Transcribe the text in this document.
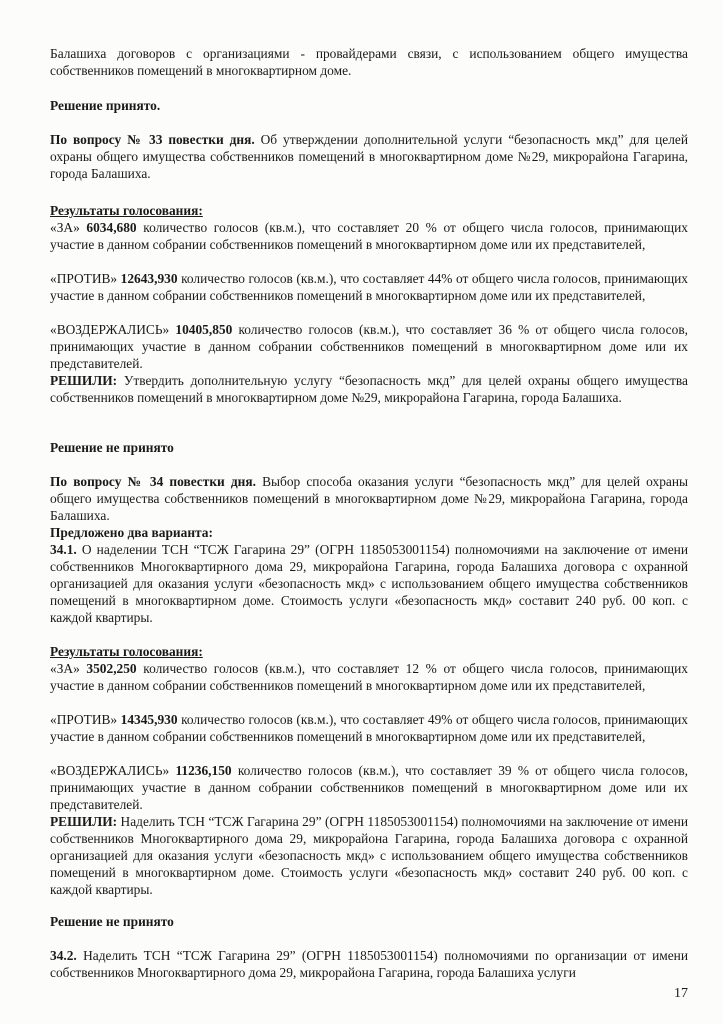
Балашиха договоров с организациями - провайдерами связи, с использованием общего имущества собственников помещений в многоквартирном доме.

Решение принято.

По вопросу № 33 повестки дня. Об утверждении дополнительной услуги “безопасность мкд” для целей охраны общего имущества собственников помещений в многоквартирном доме №29, микрорайона Гагарина, города Балашиха.

Результаты голосования:

«ЗА» 6034,680 количество голосов (кв.м.), что составляет 20 % от общего числа голосов, принимающих участие в данном собрании собственников помещений в многоквартирном доме или их представителей,

«ПРОТИВ» 12643,930 количество голосов (кв.м.), что составляет 44% от общего числа голосов, принимающих участие в данном собрании собственников помещений в многоквартирном доме или их представителей,

«ВОЗДЕРЖАЛИСЬ» 10405,850 количество голосов (кв.м.), что составляет 36 % от общего числа голосов, принимающих участие в данном собрании собственников помещений в многоквартирном доме или их представителей.

РЕШИЛИ: Утвердить дополнительную услугу “безопасность мкд” для целей охраны общего имущества собственников помещений в многоквартирном доме №29, микрорайона Гагарина, города Балашиха.

Решение не принято

По вопросу № 34 повестки дня. Выбор способа оказания услуги “безопасность мкд” для целей охраны общего имущества собственников помещений в многоквартирном доме №29, микрорайона Гагарина, города Балашиха.

Предложено два варианта:

34.1. О наделении ТСН “ТСЖ Гагарина 29” (ОГРН 1185053001154) полномочиями на заключение от имени собственников Многоквартирного дома 29, микрорайона Гагарина, города Балашиха договора с охранной организацией для оказания услуги «безопасность мкд» с использованием общего имущества собственников помещений в многоквартирном доме. Стоимость услуги «безопасность мкд» составит 240 руб. 00 коп. с каждой квартиры.

Результаты голосования:

«ЗА» 3502,250 количество голосов (кв.м.), что составляет 12 % от общего числа голосов, принимающих участие в данном собрании собственников помещений в многоквартирном доме или их представителей,

«ПРОТИВ» 14345,930 количество голосов (кв.м.), что составляет 49% от общего числа голосов, принимающих участие в данном собрании собственников помещений в многоквартирном доме или их представителей,

«ВОЗДЕРЖАЛИСЬ» 11236,150 количество голосов (кв.м.), что составляет 39 % от общего числа голосов, принимающих участие в данном собрании собственников помещений в многоквартирном доме или их представителей.

РЕШИЛИ: Наделить ТСН “ТСЖ Гагарина 29” (ОГРН 1185053001154) полномочиями на заключение от имени собственников Многоквартирного дома 29, микрорайона Гагарина, города Балашиха договора с охранной организацией для оказания услуги «безопасность мкд» с использованием общего имущества собственников помещений в многоквартирном доме. Стоимость услуги «безопасность мкд» составит 240 руб. 00 коп. с каждой квартиры.

Решение не принято

34.2. Наделить ТСН “ТСЖ Гагарина 29” (ОГРН 1185053001154) полномочиями по организации от имени собственников Многоквартирного дома 29, микрорайона Гагарина, города Балашиха услуги

17
